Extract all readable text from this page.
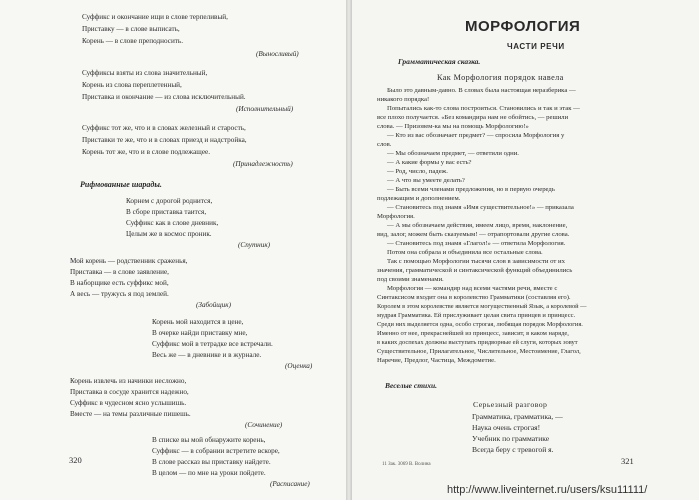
Суффикс и окончание ищи в слове терпеливый,
Приставку — в слове выписать,
Корень — в слове преподносить.
(Выносливый)
Суффиксы взяты из слова значительный,
Корень из слова переплетенный,
Приставка и окончание — из слова исключительный.
(Исполнительный)
Суффикс тот же, что и в словах железный и старость,
Приставки те же, что и в словах приезд и надстройка,
Корень тот же, что и в слове подлежащее.
(Принадлежность)
Рифмованные шарады.
Корнем с дорогой роднится,
В сборе приставка таится,
Суффикс как в слове дневник,
Целым же в космос проник.
(Спутник)
Мой корень — родственник сраженья,
Приставка — в слове заявление,
В наборщике есть суффикс мой,
А весь — тружусь я под землей.
(Забойщик)
Корень мой находится в цене,
В очерке найди приставку мне,
Суффикс мой в тетрадке все встречали.
Весь же — в дневнике и в журнале.
(Оценка)
Корень извлечь из начинки несложно,
Приставка в сосуде хранится надежно,
Суффикс в чудесном ясно услышишь.
Вместе — на темы различные пишешь.
(Сочинение)
В списке вы мой обнаружите корень,
Суффикс — в собрании встретите вскоре,
В слове рассказ вы приставку найдете.
В целом — по мне на уроки пойдете.
(Расписание)
320
МОРФОЛОГИЯ
ЧАСТИ РЕЧИ
Грамматическая сказка.
Как Морфология порядок навела
Было это давным-давно. В словах была настоящая неразберика —
никакого порядка!
Попытались как-то слова построиться. Становились и так и этак —
все плохо получается. «Без командира нам не обойтись, — решили
слова. — Призовем-ка мы на помощь Морфологию!»
— Кто из вас обозначает предмет? — спросила Морфология у
слов.
— Мы обозначаем предмет, — ответили одни.
— А какие формы у вас есть?
— Род, число, падеж.
— А что вы умеете делать?
— Быть всеми членами предложения, но в первую очередь
подлежащим и дополнением.
— Становитесь под знамя «Имя существительное!» — приказала
Морфология.
— А мы обозначаем действия, имеем лицо, время, наклонение,
вид, залог, можем быть сказуемым! — отрапортовали другие слова.
— Становитесь под знамя «Глагол!» — ответила Морфология.
Потом она собрала и объединила все остальные слова.
Так с помощью Морфологии тысячи слов в зависимости от их
значения, грамматической и синтаксической функций объединились
под своими знаменами.
Морфология — командир над всеми частями речи, вместе с
Синтаксисом входит она в королевство Грамматики (составляя его).
Королем в этом королевстве является могущественный Язык, а королевой —
мудрая Грамматика. Ей прислуживает целая свита принцев и принцесс.
Среди них выделяется одна, особо строгая, любящая порядок Морфология.
Именно от нее, прекраснейшей из принцесс, зависит, в каком наряде,
в каких доспехах должны выступать придворные ей слуги, которых зовут
Существительное, Прилагательное, Числительное, Местоимение, Глагол,
Наречие, Предлог, Частица, Междометие.
Веселые стихи.
Серьезный разговор
Грамматика, грамматика, —
Наука очень строгая!
Учебник по грамматике
Всегда беру с тревогой я.
11 Зак. 3069 В. Волина	321
http://www.liveinternet.ru/users/ksu11111/
